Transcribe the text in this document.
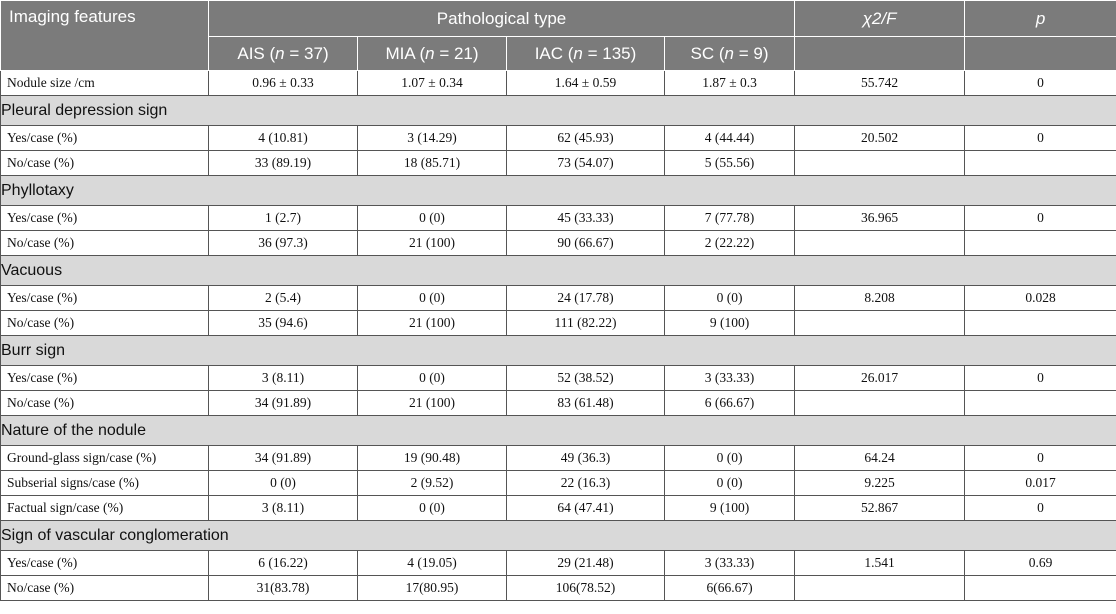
Imaging features	Pathological type				χ2/F	p
	AIS (n = 37)	MIA (n = 21)	IAC (n = 135)	SC (n = 9)		
Nodule size /cm	0.96 ± 0.33	1.07 ± 0.34	1.64 ± 0.59	1.87 ± 0.3	55.742	0
Pleural depression sign						
Yes/case (%)	4 (10.81)	3 (14.29)	62 (45.93)	4 (44.44)	20.502	0
No/case (%)	33 (89.19)	18 (85.71)	73 (54.07)	5 (55.56)		
Phyllotaxy						
Yes/case (%)	1 (2.7)	0 (0)	45 (33.33)	7 (77.78)	36.965	0
No/case (%)	36 (97.3)	21 (100)	90 (66.67)	2 (22.22)		
Vacuous						
Yes/case (%)	2 (5.4)	0 (0)	24 (17.78)	0 (0)	8.208	0.028
No/case (%)	35 (94.6)	21 (100)	111 (82.22)	9 (100)		
Burr sign						
Yes/case (%)	3 (8.11)	0 (0)	52 (38.52)	3 (33.33)	26.017	0
No/case (%)	34 (91.89)	21 (100)	83 (61.48)	6 (66.67)		
Nature of the nodule						
Ground-glass sign/case (%)	34 (91.89)	19 (90.48)	49 (36.3)	0 (0)	64.24	0
Subserial signs/case (%)	0 (0)	2 (9.52)	22 (16.3)	0 (0)	9.225	0.017
Factual sign/case (%)	3 (8.11)	0 (0)	64 (47.41)	9 (100)	52.867	0
Sign of vascular conglomeration						
Yes/case (%)	6 (16.22)	4 (19.05)	29 (21.48)	3 (33.33)	1.541	0.69
No/case (%)	31(83.78)	17(80.95)	106(78.52)	6(66.67)		
